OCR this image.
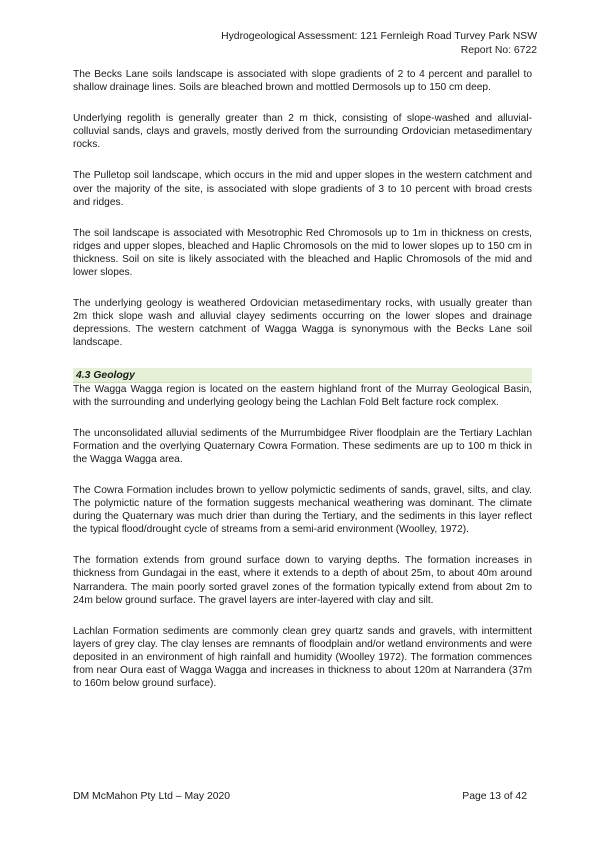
Hydrogeological Assessment: 121 Fernleigh Road Turvey Park NSW
Report No: 6722

The Becks Lane soils landscape is associated with slope gradients of 2 to 4 percent and parallel to shallow drainage lines. Soils are bleached brown and mottled Dermosols up to 150 cm deep.

Underlying regolith is generally greater than 2 m thick, consisting of slope-washed and alluvial-colluvial sands, clays and gravels, mostly derived from the surrounding Ordovician metasedimentary rocks.

The Pulletop soil landscape, which occurs in the mid and upper slopes in the western catchment and over the majority of the site, is associated with slope gradients of 3 to 10 percent with broad crests and ridges.

The soil landscape is associated with Mesotrophic Red Chromosols up to 1m in thickness on crests, ridges and upper slopes, bleached and Haplic Chromosols on the mid to lower slopes up to 150 cm in thickness. Soil on site is likely associated with the bleached and Haplic Chromosols of the mid and lower slopes.

The underlying geology is weathered Ordovician metasedimentary rocks, with usually greater than 2m thick slope wash and alluvial clayey sediments occurring on the lower slopes and drainage depressions. The western catchment of Wagga Wagga is synonymous with the Becks Lane soil landscape.

4.3 Geology

The Wagga Wagga region is located on the eastern highland front of the Murray Geological Basin, with the surrounding and underlying geology being the Lachlan Fold Belt facture rock complex.

The unconsolidated alluvial sediments of the Murrumbidgee River floodplain are the Tertiary Lachlan Formation and the overlying Quaternary Cowra Formation. These sediments are up to 100 m thick in the Wagga Wagga area.

The Cowra Formation includes brown to yellow polymictic sediments of sands, gravel, silts, and clay. The polymictic nature of the formation suggests mechanical weathering was dominant. The climate during the Quaternary was much drier than during the Tertiary, and the sediments in this layer reflect the typical flood/drought cycle of streams from a semi-arid environment (Woolley, 1972).

The formation extends from ground surface down to varying depths. The formation increases in thickness from Gundagai in the east, where it extends to a depth of about 25m, to about 40m around Narrandera. The main poorly sorted gravel zones of the formation typically extend from about 2m to 24m below ground surface. The gravel layers are inter-layered with clay and silt.

Lachlan Formation sediments are commonly clean grey quartz sands and gravels, with intermittent layers of grey clay. The clay lenses are remnants of floodplain and/or wetland environments and were deposited in an environment of high rainfall and humidity (Woolley 1972). The formation commences from near Oura east of Wagga Wagga and increases in thickness to about 120m at Narrandera (37m to 160m below ground surface).

DM McMahon Pty Ltd – May 2020	Page 13 of 42
